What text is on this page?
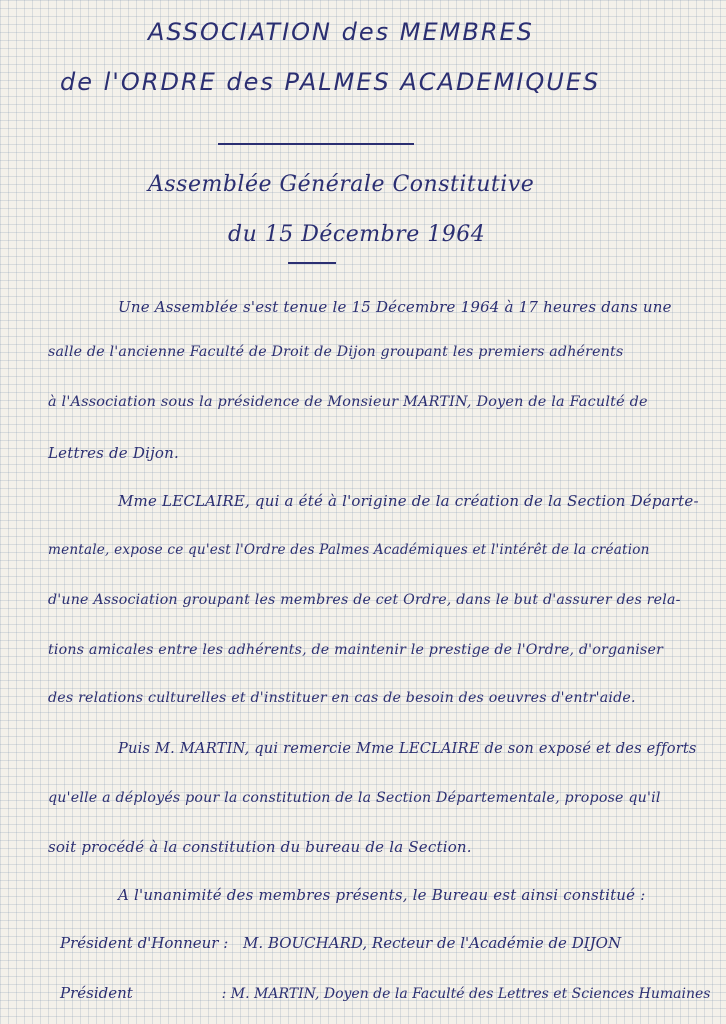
ASSOCIATION des MEMBRES
de l'ORDRE des PALMES ACADEMIQUES
Assemblée Générale Constitutive
du 15 Décembre 1964
Une Assemblée s'est tenue le 15 Décembre 1964 à 17 heures dans une
salle de l'ancienne Faculté de Droit de Dijon groupant les premiers adhérents
à l'Association sous la présidence de Monsieur MARTIN, Doyen de la Faculté de
Lettres de Dijon.
Mme LECLAIRE, qui a été à l'origine de la création de la Section Départe-
mentale, expose ce qu'est l'Ordre des Palmes Académiques et l'intérêt de la création
d'une Association groupant les membres de cet Ordre, dans le but d'assurer des rela-
tions amicales entre les adhérents, de maintenir le prestige de l'Ordre, d'organiser
des relations culturelles et d'instituer en cas de besoin des oeuvres d'entr'aide.
Puis M. MARTIN, qui remercie Mme LECLAIRE de son exposé et des efforts
qu'elle a déployés pour la constitution de la Section Départementale, propose qu'il
soit procédé à la constitution du bureau de la Section.
A l'unanimité des membres présents, le Bureau est ainsi constitué :
Président d'Honneur : M. BOUCHARD, Recteur de l'Académie de DIJON
Président	: M. MARTIN, Doyen de la Faculté des Lettres et Sciences Humaines
